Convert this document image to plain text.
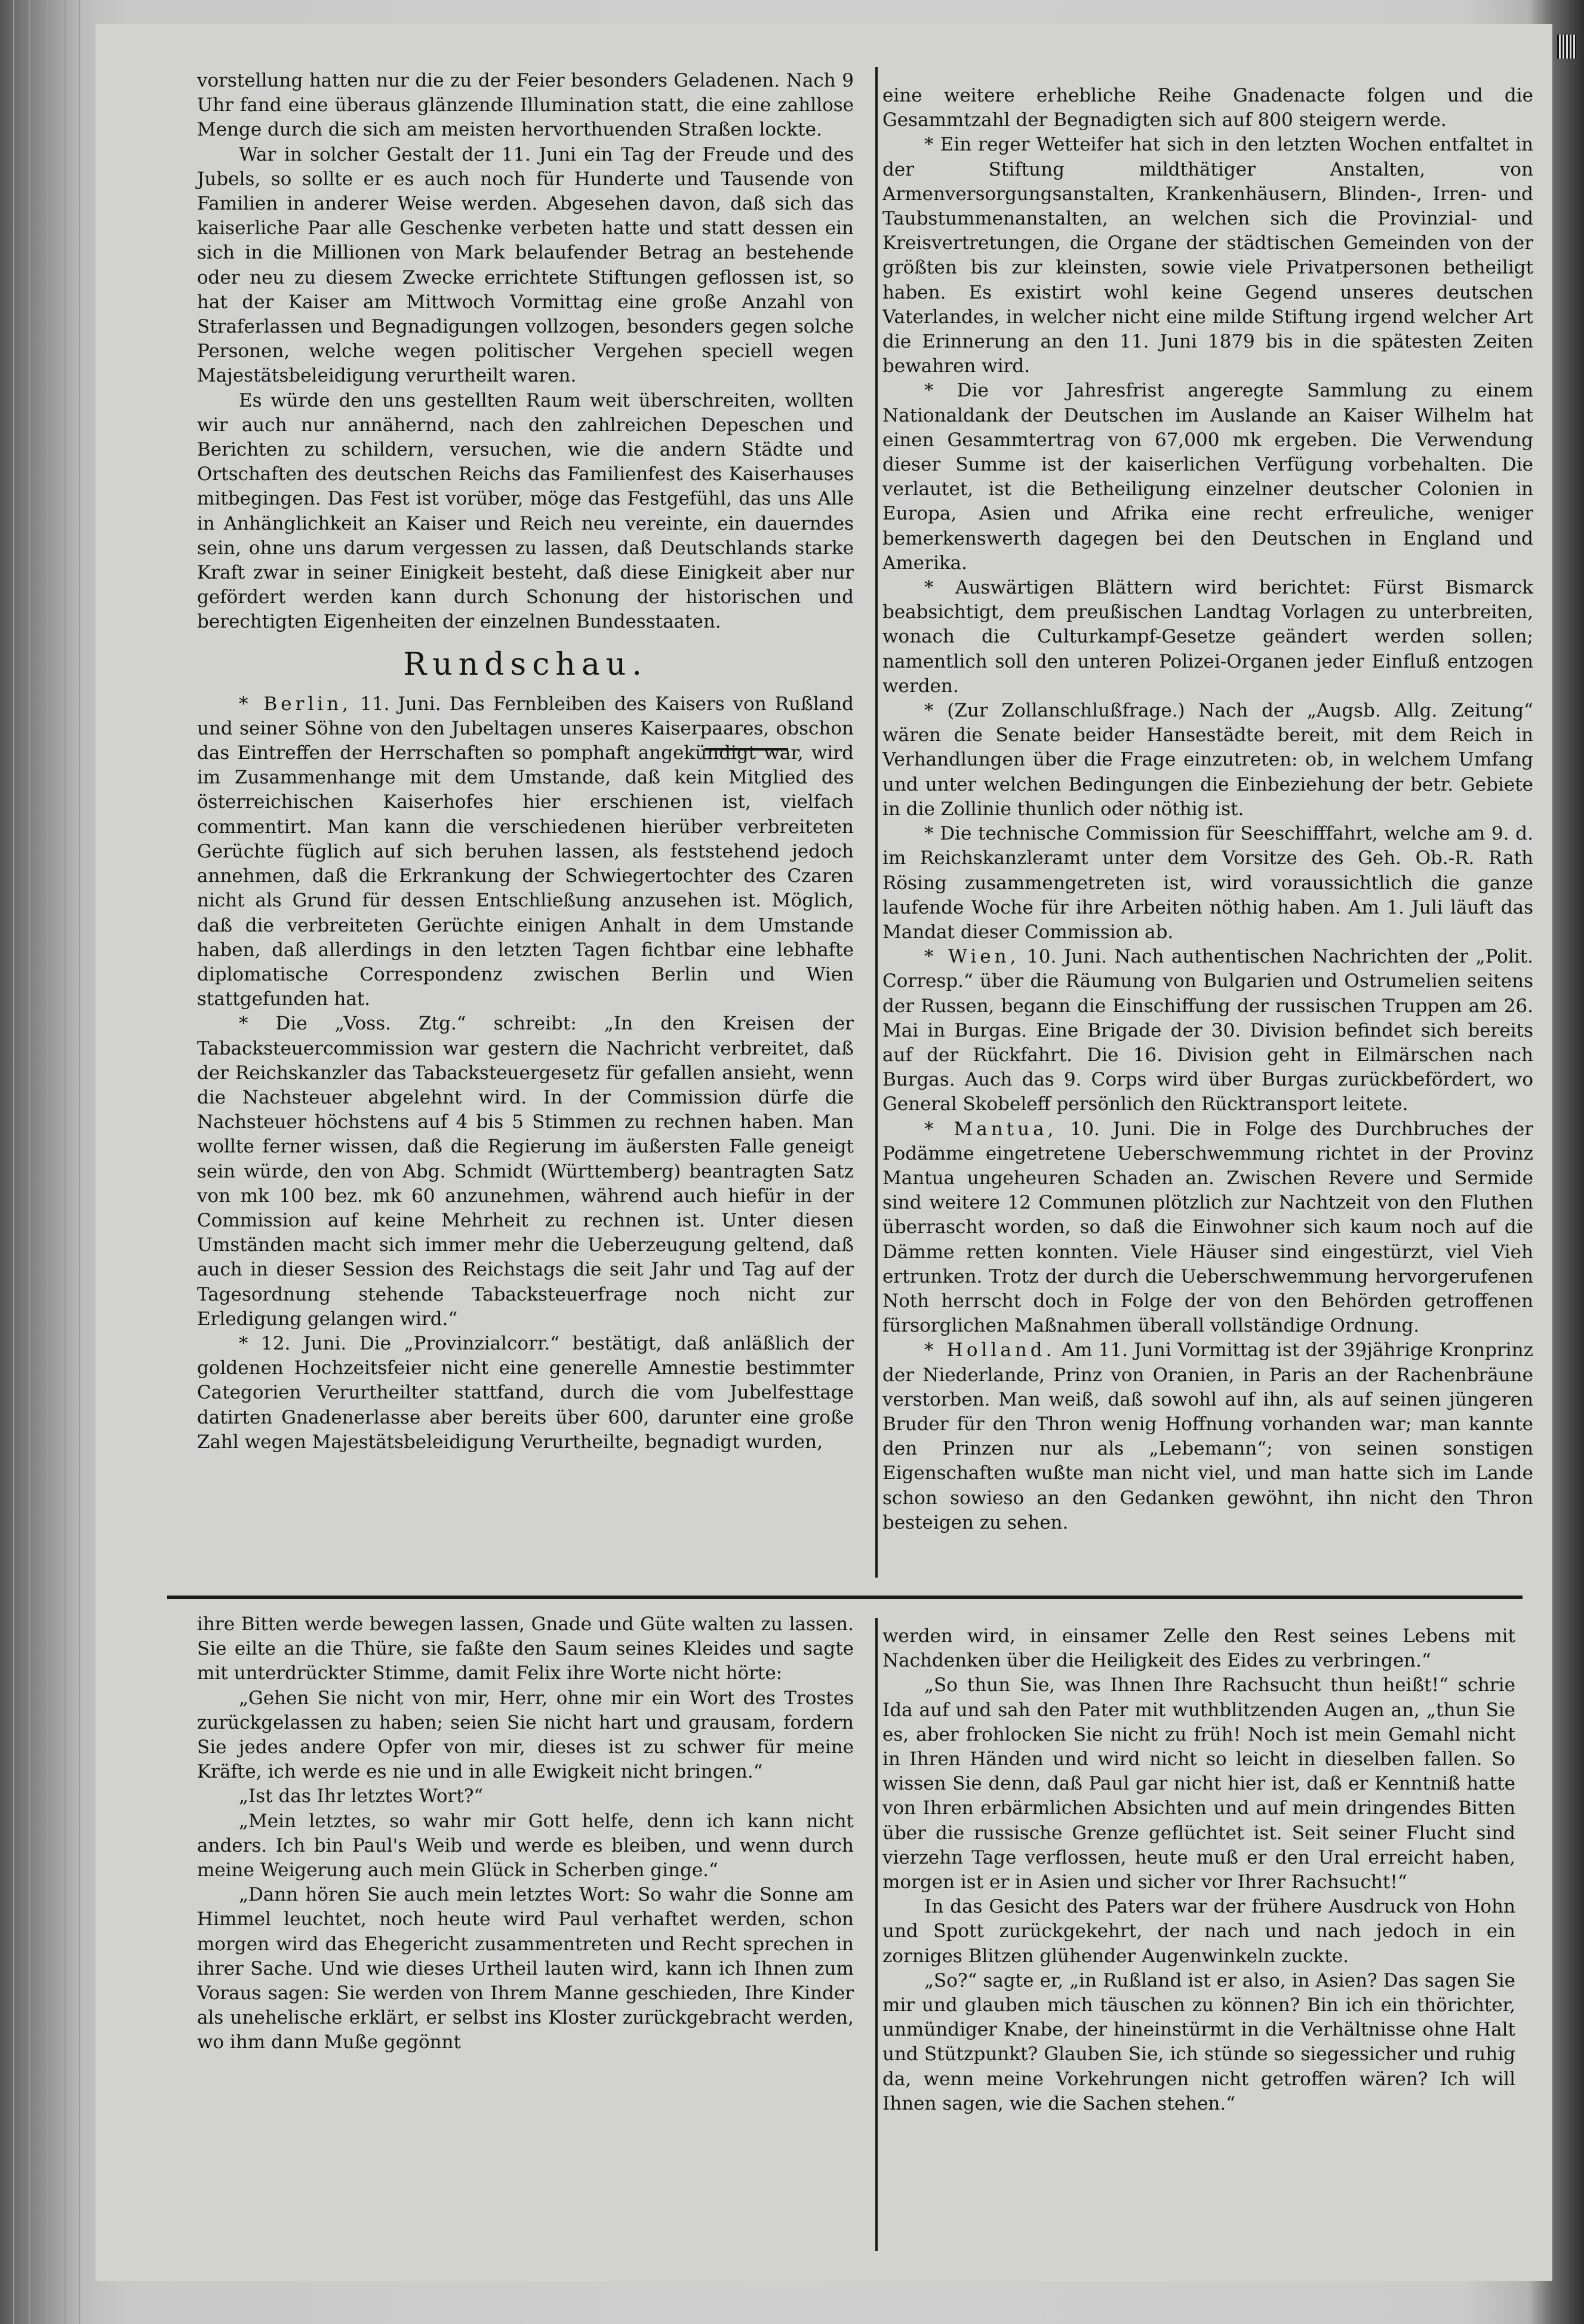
vorstellung hatten nur die zu der Feier besonders Geladenen. Nach 9 Uhr fand eine überaus glänzende Illumination statt, die eine zahllose Menge durch die sich am meisten hervorthuenden Straßen lockte.

War in solcher Gestalt der 11. Juni ein Tag der Freude und des Jubels, so sollte er es auch noch für Hunderte und Tausende von Familien in anderer Weise werden. Abgesehen davon, daß sich das kaiserliche Paar alle Geschenke verbeten hatte und statt dessen ein sich in die Millionen von Mark belaufender Betrag an bestehende oder neu zu diesem Zwecke errichtete Stiftungen geflossen ist, so hat der Kaiser am Mittwoch Vormittag eine große Anzahl von Straferlassen und Begnadigungen vollzogen, besonders gegen solche Personen, welche wegen politischer Vergehen speciell wegen Majestätsbeleidigung verurtheilt waren.

Es würde den uns gestellten Raum weit überschreiten, wollten wir auch nur annähernd, nach den zahlreichen Depeschen und Berichten zu schildern, versuchen, wie die andern Städte und Ortschaften des deutschen Reichs das Familienfest des Kaiserhauses mitbegingen. Das Fest ist vorüber, möge das Festgefühl, das uns Alle in Anhänglichkeit an Kaiser und Reich neu vereinte, ein dauerndes sein, ohne uns darum vergessen zu lassen, daß Deutschlands starke Kraft zwar in seiner Einigkeit besteht, daß diese Einigkeit aber nur gefördert werden kann durch Schonung der historischen und berechtigten Eigenheiten der einzelnen Bundesstaaten.

Rundschau.

* Berlin, 11. Juni. Das Fernbleiben des Kaisers von Rußland und seiner Söhne von den Jubeltagen unseres Kaiserpaares, obschon das Eintreffen der Herrschaften so pomphaft angekündigt war, wird im Zusammenhange mit dem Umstande, daß kein Mitglied des österreichischen Kaiserhofes hier erschienen ist, vielfach commentirt. Man kann die verschiedenen hierüber verbreiteten Gerüchte füglich auf sich beruhen lassen, als feststehend jedoch annehmen, daß die Erkrankung der Schwiegertochter des Czaren nicht als Grund für dessen Entschließung anzusehen ist. Möglich, daß die verbreiteten Gerüchte einigen Anhalt in dem Umstande haben, daß allerdings in den letzten Tagen fichtbar eine lebhafte diplomatische Correspondenz zwischen Berlin und Wien stattgefunden hat.

* Die „Voss. Ztg.“ schreibt: „In den Kreisen der Tabacksteuercommission war gestern die Nachricht verbreitet, daß der Reichskanzler das Tabacksteuergesetz für gefallen ansieht, wenn die Nachsteuer abgelehnt wird. In der Commission dürfe die Nachsteuer höchstens auf 4 bis 5 Stimmen zu rechnen haben. Man wollte ferner wissen, daß die Regierung im äußersten Falle geneigt sein würde, den von Abg. Schmidt (Württemberg) beantragten Satz von mk 100 bez. mk 60 anzunehmen, während auch hiefür in der Commission auf keine Mehrheit zu rechnen ist. Unter diesen Umständen macht sich immer mehr die Ueberzeugung geltend, daß auch in dieser Session des Reichstags die seit Jahr und Tag auf der Tagesordnung stehende Tabacksteuerfrage noch nicht zur Erledigung gelangen wird.“

* 12. Juni. Die „Provinzialcorr.“ bestätigt, daß anläßlich der goldenen Hochzeitsfeier nicht eine generelle Amnestie bestimmter Categorien Verurtheilter stattfand, durch die vom Jubelfesttage datirten Gnadenerlasse aber bereits über 600, darunter eine große Zahl wegen Majestätsbeleidigung Verurtheilte, begnadigt wurden,

eine weitere erhebliche Reihe Gnadenacte folgen und die Gesammtzahl der Begnadigten sich auf 800 steigern werde.

* Ein reger Wetteifer hat sich in den letzten Wochen entfaltet in der Stiftung mildthätiger Anstalten, von Armenversorgungsanstalten, Krankenhäusern, Blinden-, Irren- und Taubstummenanstalten, an welchen sich die Provinzial- und Kreisvertretungen, die Organe der städtischen Gemeinden von der größten bis zur kleinsten, sowie viele Privatpersonen betheiligt haben. Es existirt wohl keine Gegend unseres deutschen Vaterlandes, in welcher nicht eine milde Stiftung irgend welcher Art die Erinnerung an den 11. Juni 1879 bis in die spätesten Zeiten bewahren wird.

* Die vor Jahresfrist angeregte Sammlung zu einem Nationaldank der Deutschen im Auslande an Kaiser Wilhelm hat einen Gesammtertrag von 67,000 mk ergeben. Die Verwendung dieser Summe ist der kaiserlichen Verfügung vorbehalten. Die verlautet, ist die Betheiligung einzelner deutscher Colonien in Europa, Asien und Afrika eine recht erfreuliche, weniger bemerkenswerth dagegen bei den Deutschen in England und Amerika.

* Auswärtigen Blättern wird berichtet: Fürst Bismarck beabsichtigt, dem preußischen Landtag Vorlagen zu unterbreiten, wonach die Culturkampf-Gesetze geändert werden sollen; namentlich soll den unteren Polizei-Organen jeder Einfluß entzogen werden.

* (Zur Zollanschlußfrage.) Nach der „Augsb. Allg. Zeitung“ wären die Senate beider Hansestädte bereit, mit dem Reich in Verhandlungen über die Frage einzutreten: ob, in welchem Umfang und unter welchen Bedingungen die Einbeziehung der betr. Gebiete in die Zollinie thunlich oder nöthig ist.

* Die technische Commission für Seeschifffahrt, welche am 9. d. im Reichskanzleramt unter dem Vorsitze des Geh. Ob.-R. Rath Rösing zusammengetreten ist, wird voraussichtlich die ganze laufende Woche für ihre Arbeiten nöthig haben. Am 1. Juli läuft das Mandat dieser Commission ab.

* Wien, 10. Juni. Nach authentischen Nachrichten der „Polit. Corresp.“ über die Räumung von Bulgarien und Ostrumelien seitens der Russen, begann die Einschiffung der russischen Truppen am 26. Mai in Burgas. Eine Brigade der 30. Division befindet sich bereits auf der Rückfahrt. Die 16. Division geht in Eilmärschen nach Burgas. Auch das 9. Corps wird über Burgas zurückbefördert, wo General Skobeleff persönlich den Rücktransport leitete.

* Mantua, 10. Juni. Die in Folge des Durchbruches der Podämme eingetretene Ueberschwemmung richtet in der Provinz Mantua ungeheuren Schaden an. Zwischen Revere und Sermide sind weitere 12 Communen plötzlich zur Nachtzeit von den Fluthen überrascht worden, so daß die Einwohner sich kaum noch auf die Dämme retten konnten. Viele Häuser sind eingestürzt, viel Vieh ertrunken. Trotz der durch die Ueberschwemmung hervorgerufenen Noth herrscht doch in Folge der von den Behörden getroffenen fürsorglichen Maßnahmen überall vollständige Ordnung.

* Holland. Am 11. Juni Vormittag ist der 39jährige Kronprinz der Niederlande, Prinz von Oranien, in Paris an der Rachenbräune verstorben. Man weiß, daß sowohl auf ihn, als auf seinen jüngeren Bruder für den Thron wenig Hoffnung vorhanden war; man kannte den Prinzen nur als „Lebemann“; von seinen sonstigen Eigenschaften wußte man nicht viel, und man hatte sich im Lande schon sowieso an den Gedanken gewöhnt, ihn nicht den Thron besteigen zu sehen.

ihre Bitten werde bewegen lassen, Gnade und Güte walten zu lassen. Sie eilte an die Thüre, sie faßte den Saum seines Kleides und sagte mit unterdrückter Stimme, damit Felix ihre Worte nicht hörte:

„Gehen Sie nicht von mir, Herr, ohne mir ein Wort des Trostes zurückgelassen zu haben; seien Sie nicht hart und grausam, fordern Sie jedes andere Opfer von mir, dieses ist zu schwer für meine Kräfte, ich werde es nie und in alle Ewigkeit nicht bringen.“

„Ist das Ihr letztes Wort?“

„Mein letztes, so wahr mir Gott helfe, denn ich kann nicht anders. Ich bin Paul's Weib und werde es bleiben, und wenn durch meine Weigerung auch mein Glück in Scherben ginge.“

„Dann hören Sie auch mein letztes Wort: So wahr die Sonne am Himmel leuchtet, noch heute wird Paul verhaftet werden, schon morgen wird das Ehegericht zusammentreten und Recht sprechen in ihrer Sache. Und wie dieses Urtheil lauten wird, kann ich Ihnen zum Voraus sagen: Sie werden von Ihrem Manne geschieden, Ihre Kinder als unehelische erklärt, er selbst ins Kloster zurückgebracht werden, wo ihm dann Muße gegönnt

werden wird, in einsamer Zelle den Rest seines Lebens mit Nachdenken über die Heiligkeit des Eides zu verbringen.“

„So thun Sie, was Ihnen Ihre Rachsucht thun heißt!“ schrie Ida auf und sah den Pater mit wuthblitzenden Augen an, „thun Sie es, aber frohlocken Sie nicht zu früh! Noch ist mein Gemahl nicht in Ihren Händen und wird nicht so leicht in dieselben fallen. So wissen Sie denn, daß Paul gar nicht hier ist, daß er Kenntniß hatte von Ihren erbärmlichen Absichten und auf mein dringendes Bitten über die russische Grenze geflüchtet ist. Seit seiner Flucht sind vierzehn Tage verflossen, heute muß er den Ural erreicht haben, morgen ist er in Asien und sicher vor Ihrer Rachsucht!“

In das Gesicht des Paters war der frühere Ausdruck von Hohn und Spott zurückgekehrt, der nach und nach jedoch in ein zorniges Blitzen glühender Augenwinkeln zuckte.

„So?“ sagte er, „in Rußland ist er also, in Asien? Das sagen Sie mir und glauben mich täuschen zu können? Bin ich ein thörichter, unmündiger Knabe, der hineinstürmt in die Verhältnisse ohne Halt und Stützpunkt? Glauben Sie, ich stünde so siegessicher und ruhig da, wenn meine Vorkehrungen nicht getroffen wären? Ich will Ihnen sagen, wie die Sachen stehen.“
